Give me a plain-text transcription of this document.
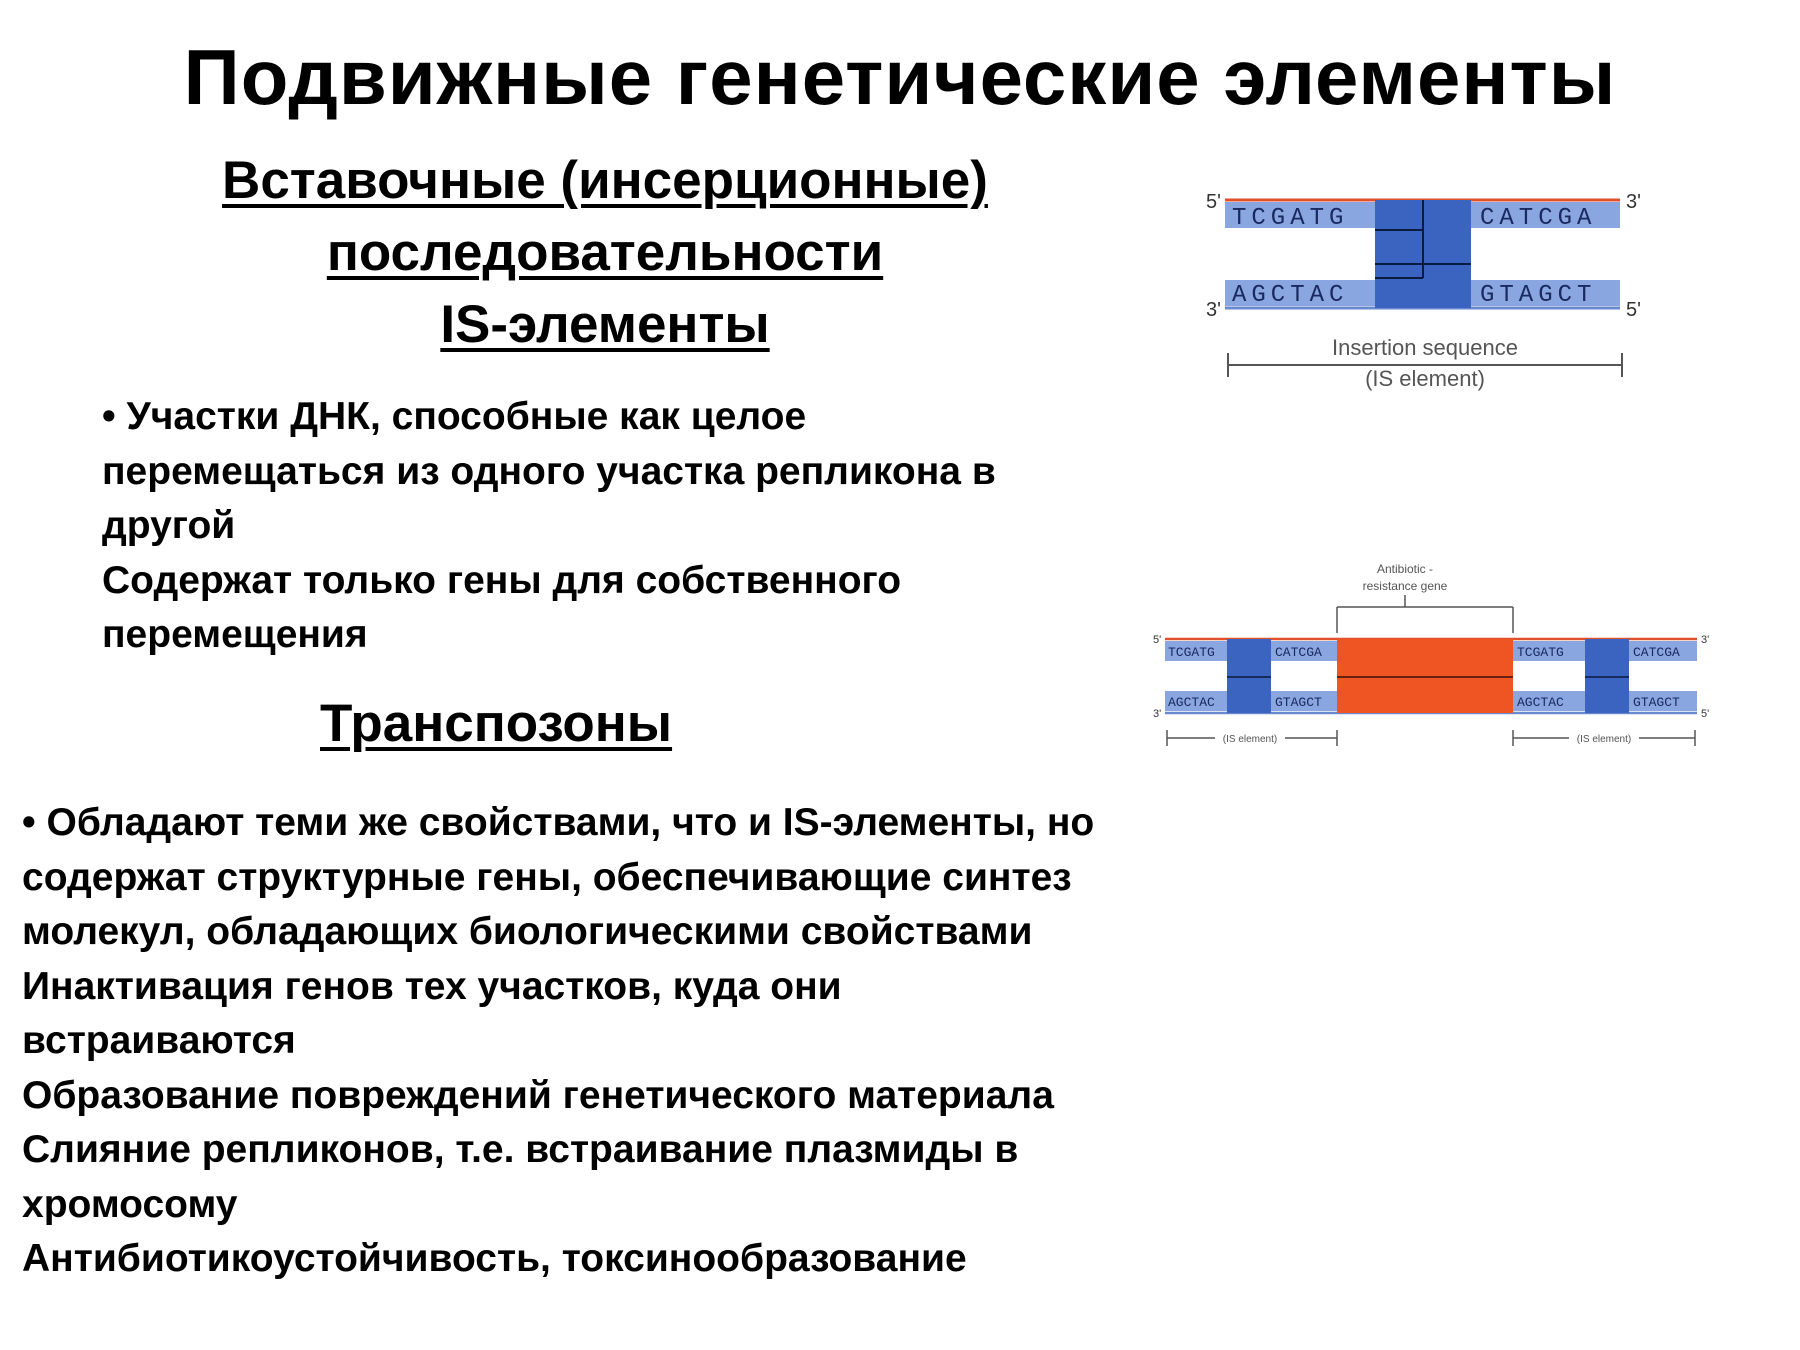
Подвижные генетические элементы
Вставочные (инсерционные)
последовательности
IS-элементы
• Участки ДНК, способные как целое
перемещаться из одного участка репликона в
другой
Содержат только гены для собственного
перемещения
Транспозоны
• Обладают теми же свойствами, что и IS-элементы, но
содержат структурные гены, обеспечивающие синтез
молекул, обладающих биологическими свойствами
Инактивация генов тех участков, куда они
встраиваются
Образование повреждений генетического материала
Слияние репликонов, т.е. встраивание плазмиды в
хромосому
Антибиотикоустойчивость, токсинообразование
5'	3'
3'	5'
TCGATG	CATCGA
AGCTAC	GTAGCT
Insertion sequence
(IS element)
Antibiotic -
resistance gene
5'	3'
3'	5'
TCGATG	CATCGA	TCGATG	CATCGA
AGCTAC	GTAGCT	AGCTAC	GTAGCT
(IS element)	(IS element)
